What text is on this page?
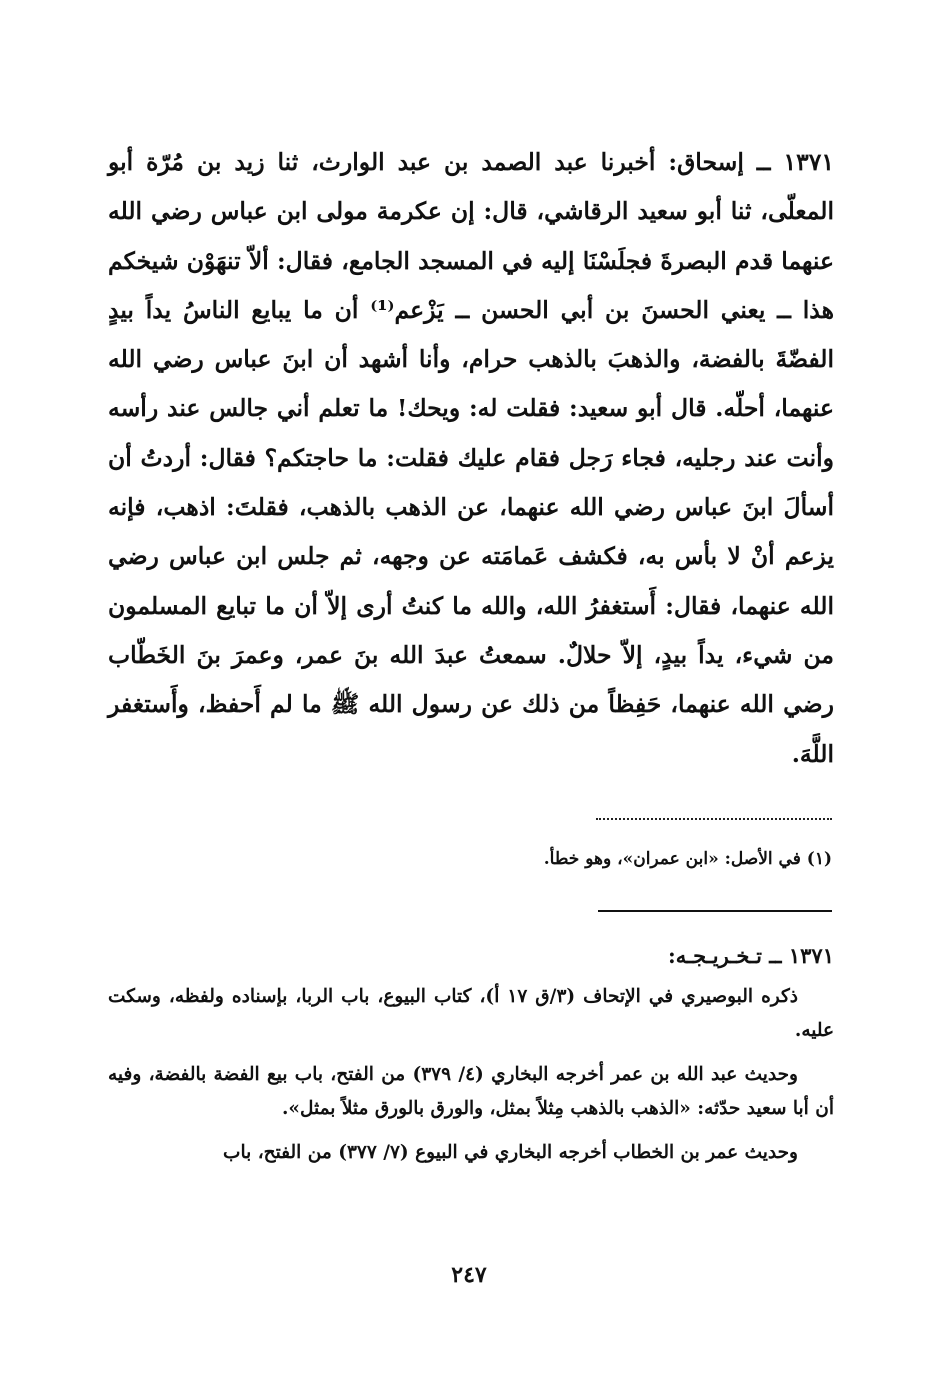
١٣٧١ ــ إسحاق: أخبرنا عبد الصمد بن عبد الوارث، ثنا زيد بن مُرّة أبو المعلّى، ثنا أبو سعيد الرقاشي، قال: إن عكرمة مولى ابن عباس رضي الله عنهما قدم البصرةَ فجلَسْنَا إليه في المسجد الجامع، فقال: ألاّ تنهَوْن شيخكم هذا ــ يعني الحسنَ بن أبي الحسن ــ يَزْعم⁽¹⁾ أن ما يبايع الناسُ يداً بيدٍ الفضّةَ بالفضة، والذهبَ بالذهب حرام، وأنا أشهد أن ابنَ عباس رضي الله عنهما، أحلّه. قال أبو سعيد: فقلت له: ويحك! ما تعلم أني جالس عند رأسه وأنت عند رجليه، فجاء رَجل فقام عليك فقلت: ما حاجتكم؟ فقال: أردتُ أن أسألَ ابنَ عباس رضي الله عنهما، عن الذهب بالذهب، فقلتَ: اذهب، فإنه يزعم أنْ لا بأس به، فكشف عَمامَته عن وجهه، ثم جلس ابن عباس رضي الله عنهما، فقال: أَستغفرُ الله، والله ما كنتُ أرى إلاّ أن ما تبايع المسلمون من شيء، يداً بيدٍ، إلاّ حلالٌ. سمعتُ عبدَ الله بنَ عمر، وعمرَ بنَ الخَطّاب رضي الله عنهما، حَفِظاً من ذلك عن رسول الله ﷺ ما لم أَحفظ، وأَستغفر اللَّهَ.

(١) في الأصل: «ابن عمران»، وهو خطأ.
١٣٧١ ــ تـخـريـجـه:

ذكره البوصيري في الإتحاف (٣/ق ١٧ أ)، كتاب البيوع، باب الربا، بإسناده ولفظه، وسكت عليه.

وحديث عبد الله بن عمر أخرجه البخاري (٤/ ٣٧٩) من الفتح، باب بيع الفضة بالفضة، وفيه أن أبا سعيد حدّثه: «الذهب بالذهب مِثلاً بمثل، والورق بالورق مثلاً بمثل».

وحديث عمر بن الخطاب أخرجه البخاري في البيوع (٧/ ٣٧٧) من الفتح، باب

٢٤٧
